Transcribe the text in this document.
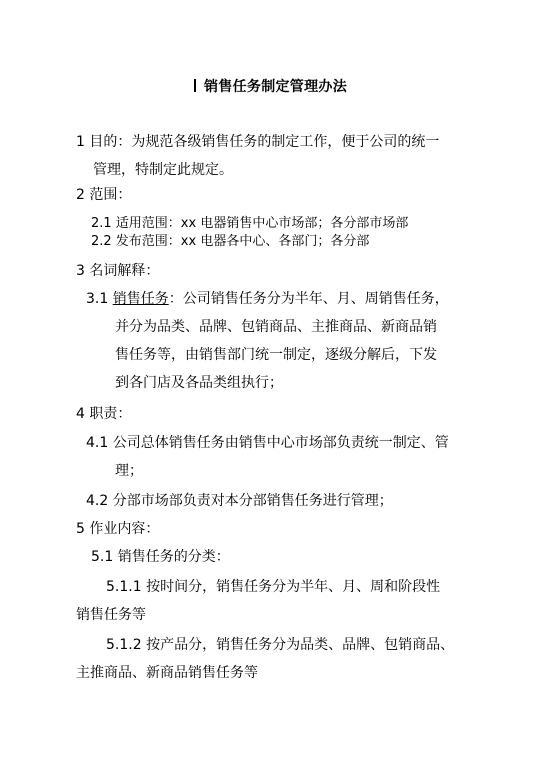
销售任务制定管理办法
1 目的：为规范各级销售任务的制定工作，便于公司的统一
管理，特制定此规定。
2 范围：
2.1 适用范围：xx 电器销售中心市场部；各分部市场部
2.2 发布范围：xx 电器各中心、各部门；各分部
3 名词解释：
3.1 销售任务：公司销售任务分为半年、月、周销售任务，
并分为品类、品牌、包销商品、主推商品、新商品销
售任务等，由销售部门统一制定，逐级分解后，下发
到各门店及各品类组执行；
4 职责：
4.1 公司总体销售任务由销售中心市场部负责统一制定、管
理；
4.2 分部市场部负责对本分部销售任务进行管理；
5 作业内容：
5.1 销售任务的分类：
5.1.1 按时间分，销售任务分为半年、月、周和阶段性
销售任务等
5.1.2 按产品分，销售任务分为品类、品牌、包销商品、
主推商品、新商品销售任务等
